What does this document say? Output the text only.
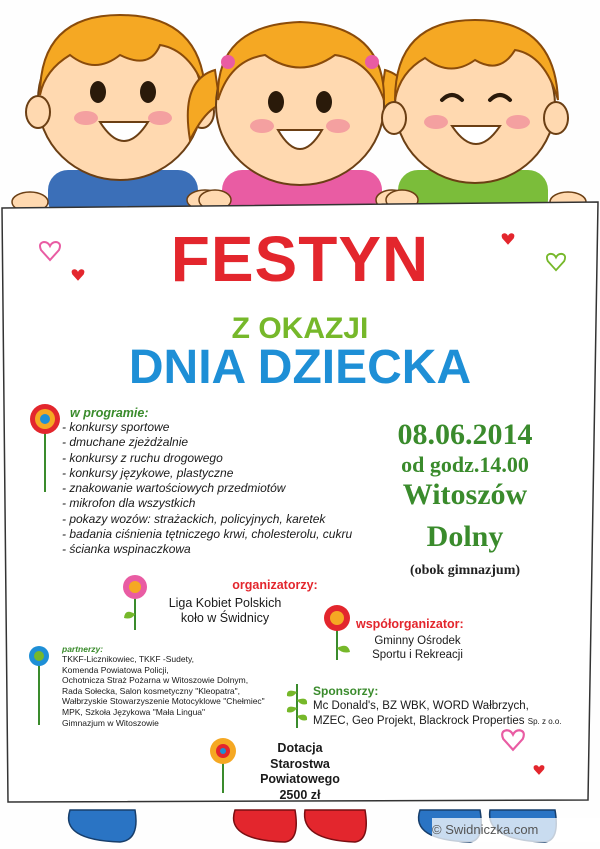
FESTYN
Z OKAZJI
DNIA DZIECKA
w programie:
- konkursy sportowe
- dmuchane zjeżdżalnie
- konkursy z ruchu drogowego
- konkursy językowe, plastyczne
- znakowanie wartościowych przedmiotów
- mikrofon dla wszystkich
- pokazy wozów: strażackich, policyjnych, karetek
- badania ciśnienia tętniczego krwi, cholesterolu, cukru
- ścianka wspinaczkowa
08.06.2014
od godz.14.00
Witoszów
Dolny
(obok gimnazjum)
organizatorzy:
Liga Kobiet Polskich
koło w Świdnicy	współorganizator:
Gminny Ośrodek
Sportu i Rekreacji
partnerzy:
TKKF-Licznikowiec, TKKF -Sudety,
Komenda Powiatowa Policji,
Ochotnicza Straż Pożarna w Witoszowie Dolnym,
Rada Sołecka, Salon kosmetyczny "Kleopatra",
Wałbrzyskie Stowarzyszenie Motocyklowe "Chełmiec"
MPK, Szkoła Językowa "Mała Lingua"
Gimnazjum w Witoszowie
Sponsorzy:
Mc Donald's, BZ WBK, WORD Wałbrzych,
MZEC, Geo Projekt, Blackrock Properties Sp. z o.o.
Dotacja
Starostwa Powiatowego
2500 zł
© Swidniczka.com
